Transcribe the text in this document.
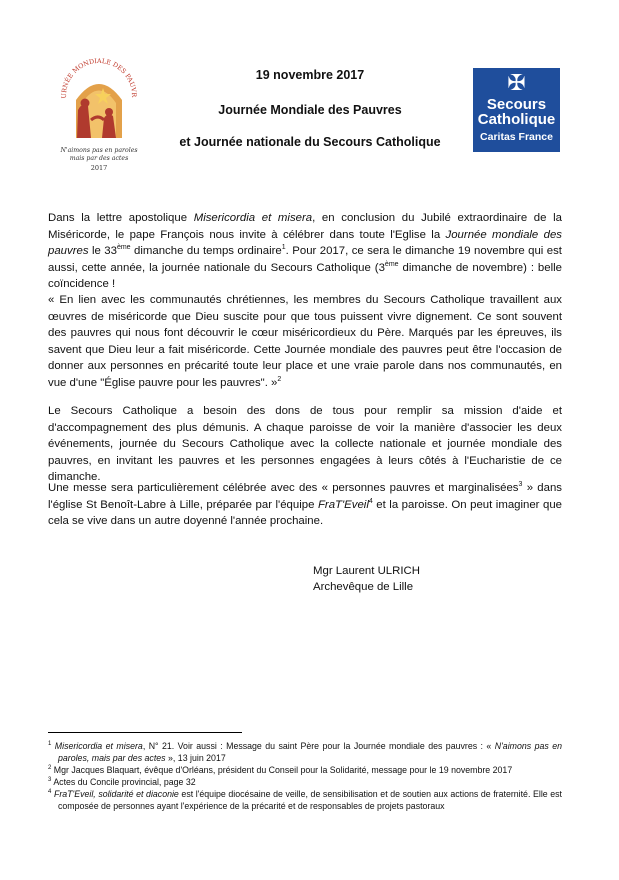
URNÉE MONDIALE DES PAUVR
N'aimons pas en paroles
mais par des actes
2017
19 novembre 2017
Journée Mondiale des Pauvres
et Journée nationale du Secours Catholique
✠
Secours
Catholique
Caritas France
Dans la lettre apostolique Misericordia et misera, en conclusion du Jubilé extraordinaire de la Miséricorde, le pape François nous invite à célébrer dans toute l'Eglise la Journée mondiale des pauvres le 33ème dimanche du temps ordinaire$^1$. Pour 2017, ce sera le dimanche 19 novembre qui est aussi, cette année, la journée nationale du Secours Catholique (3ème dimanche de novembre) : belle coïncidence !
« En lien avec les communautés chrétiennes, les membres du Secours Catholique travaillent aux œuvres de miséricorde que Dieu suscite pour que tous puissent vivre dignement. Ce sont souvent des pauvres qui nous font découvrir le cœur miséricordieux du Père. Marqués par les épreuves, ils savent que Dieu leur a fait miséricorde. Cette Journée mondiale des pauvres peut être l'occasion de donner aux personnes en précarité toute leur place et une vraie parole dans nos communautés, en vue d'une "Église pauvre pour les pauvres". »$^2$
Le Secours Catholique a besoin des dons de tous pour remplir sa mission d'aide et d'accompagnement des plus démunis. A chaque paroisse de voir la manière d'associer les deux événements, journée du Secours Catholique avec la collecte nationale et journée mondiale des pauvres, en invitant les pauvres et les personnes engagées à leurs côtés à l'Eucharistie de ce dimanche.
Une messe sera particulièrement célébrée avec des « personnes pauvres et marginalisées$^3$ » dans l'église St Benoît-Labre à Lille, préparée par l'équipe FraT'Eveil$^4$ et la paroisse. On peut imaginer que cela se vive dans un autre doyenné l'année prochaine.
Mgr Laurent ULRICH
Archevêque de Lille
$^1$ Misericordia et misera, N° 21. Voir aussi : Message du saint Père pour la Journée mondiale des pauvres : « N'aimons pas en paroles, mais par des actes », 13 juin 2017
$^2$ Mgr Jacques Blaquart, évêque d'Orléans, président du Conseil pour la Solidarité, message pour le 19 novembre 2017
$^3$ Actes du Concile provincial, page 32
$^4$ FraT'Eveil, solidarité et diaconie est l'équipe diocésaine de veille, de sensibilisation et de soutien aux actions de fraternité. Elle est composée de personnes ayant l'expérience de la précarité et de responsables de projets pastoraux
